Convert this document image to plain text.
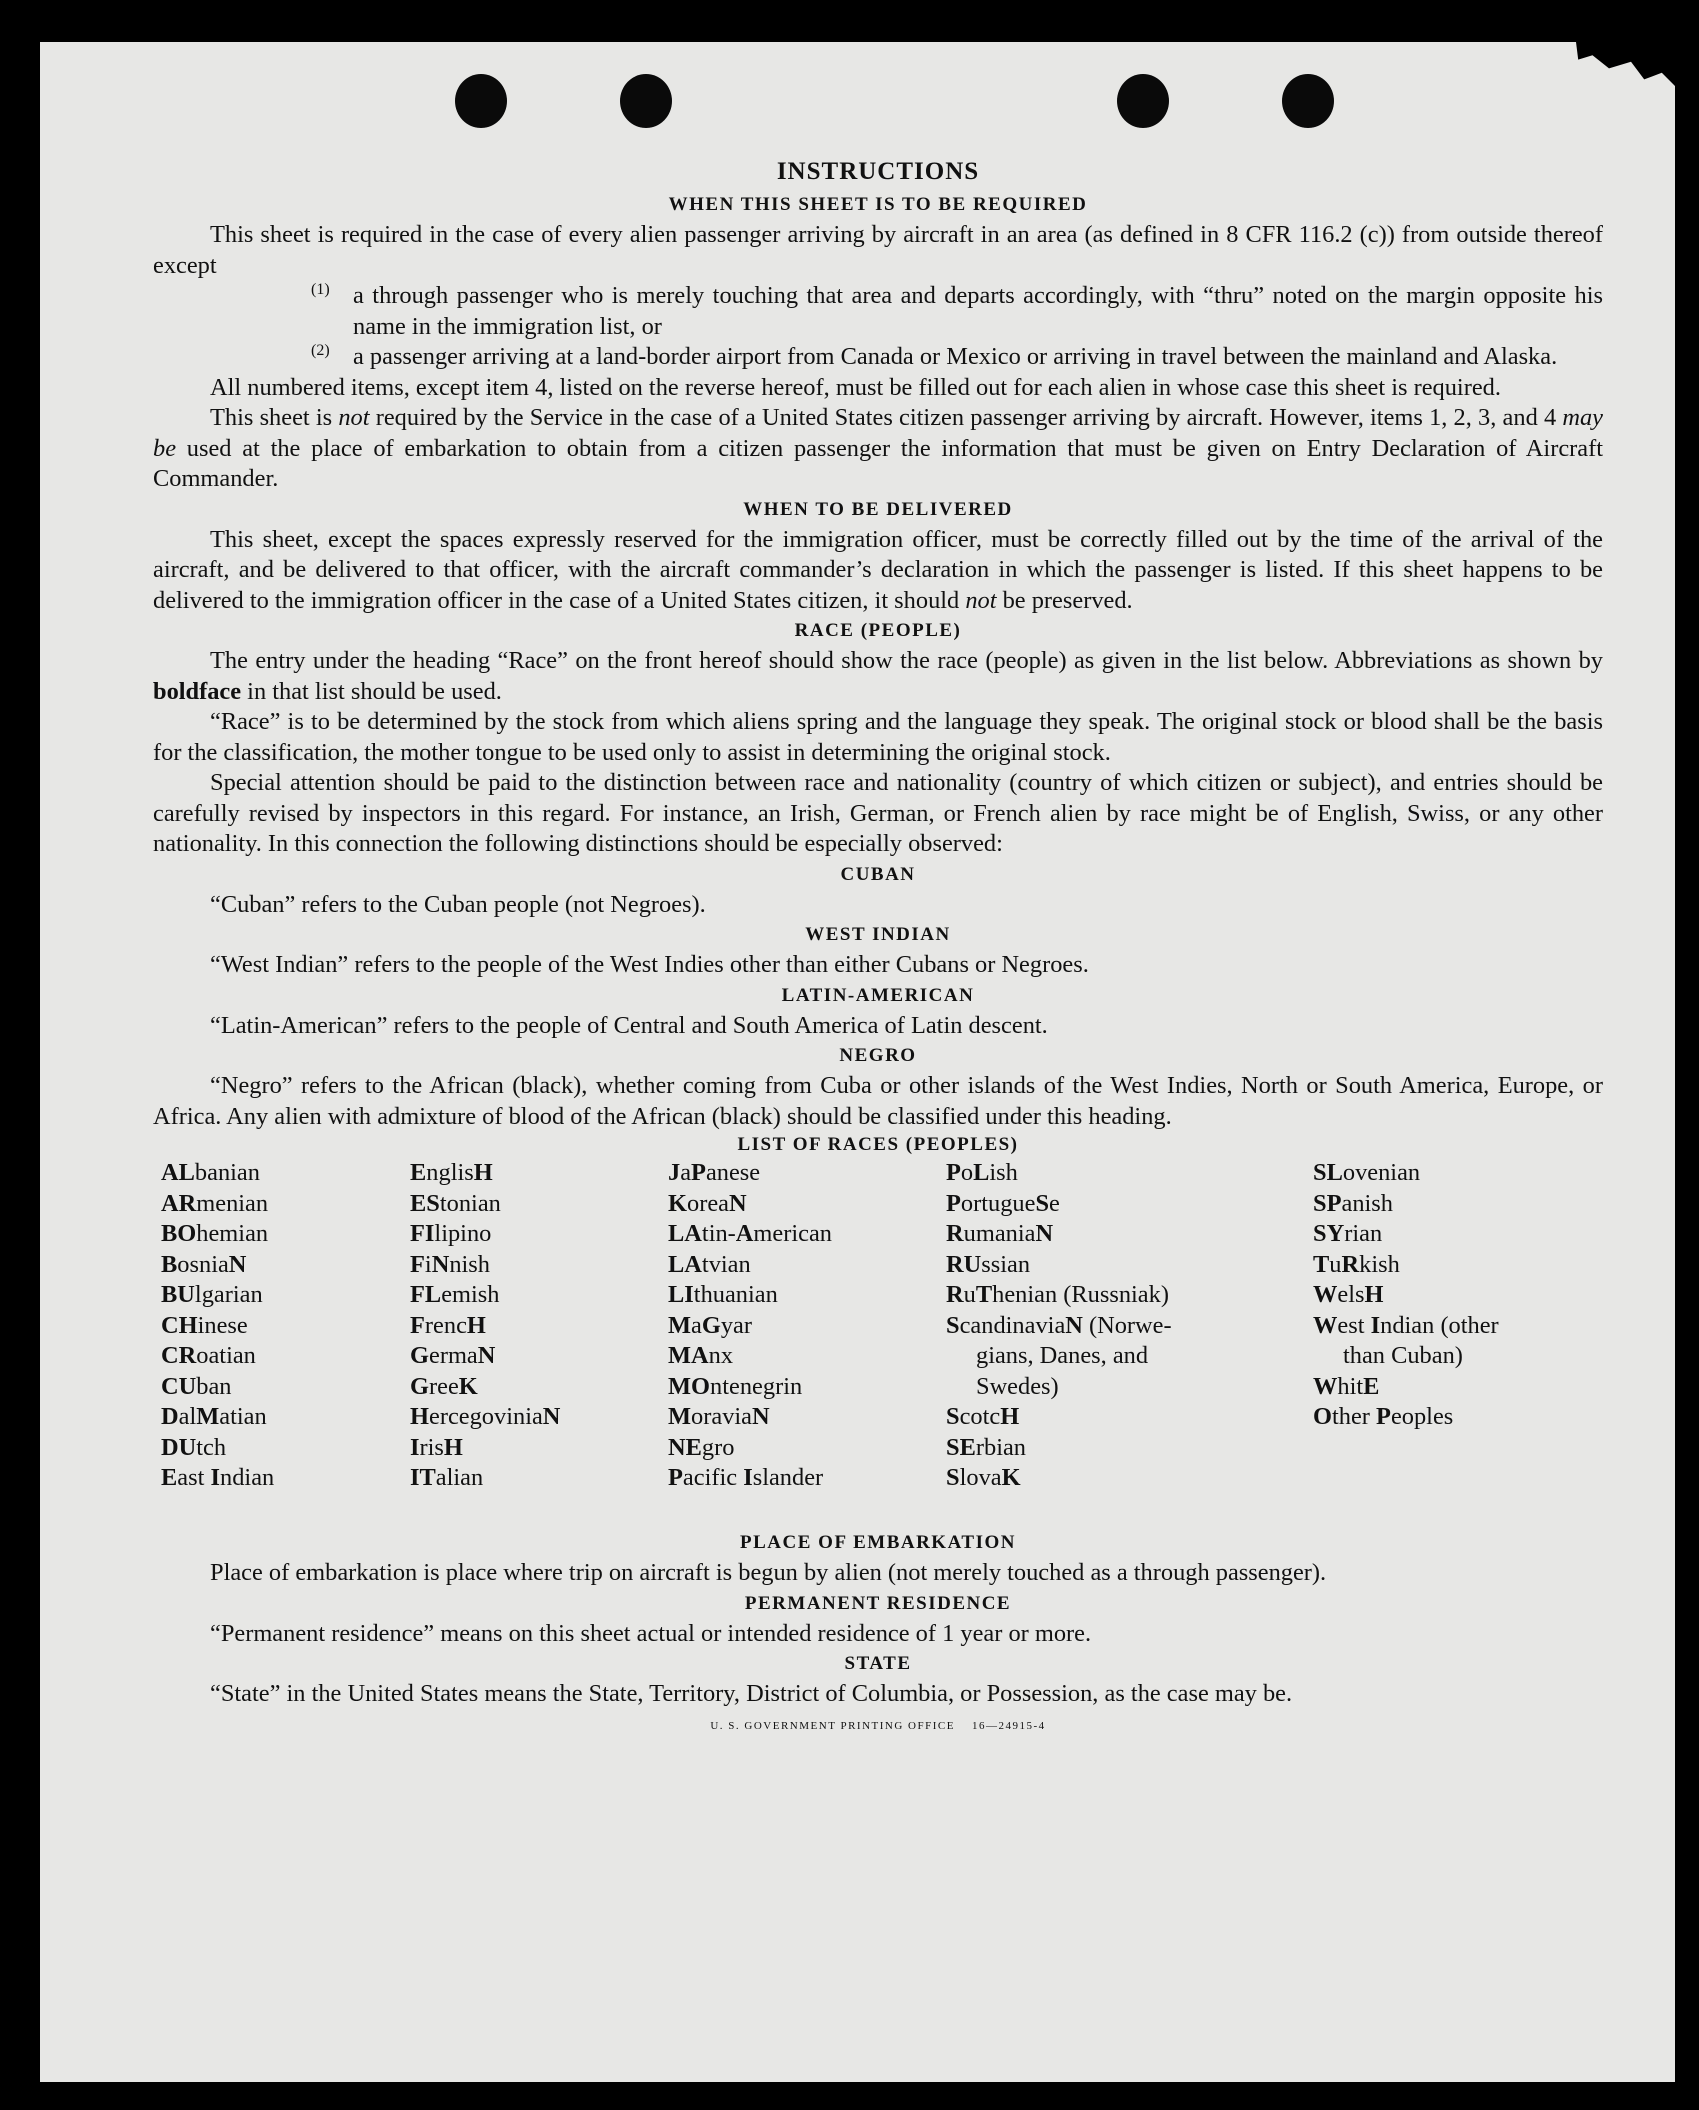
INSTRUCTIONS
WHEN THIS SHEET IS TO BE REQUIRED

This sheet is required in the case of every alien passenger arriving by aircraft in an area (as defined in 8 CFR 116.2 (c)) from outside thereof except

(1) a through passenger who is merely touching that area and departs accordingly, with “thru” noted on the margin opposite his name in the immigration list, or

(2) a passenger arriving at a land-border airport from Canada or Mexico or arriving in travel between the mainland and Alaska.

All numbered items, except item 4, listed on the reverse hereof, must be filled out for each alien in whose case this sheet is required.

This sheet is not required by the Service in the case of a United States citizen passenger arriving by aircraft. However, items 1, 2, 3, and 4 may be used at the place of embarkation to obtain from a citizen passenger the information that must be given on Entry Declaration of Aircraft Commander.

WHEN TO BE DELIVERED

This sheet, except the spaces expressly reserved for the immigration officer, must be correctly filled out by the time of the arrival of the aircraft, and be delivered to that officer, with the aircraft commander’s declaration in which the passenger is listed. If this sheet happens to be delivered to the immigration officer in the case of a United States citizen, it should not be preserved.

RACE (PEOPLE)

The entry under the heading “Race” on the front hereof should show the race (people) as given in the list below. Abbreviations as shown by boldface in that list should be used.

“Race” is to be determined by the stock from which aliens spring and the language they speak. The original stock or blood shall be the basis for the classification, the mother tongue to be used only to assist in determining the original stock.

Special attention should be paid to the distinction between race and nationality (country of which citizen or subject), and entries should be carefully revised by inspectors in this regard. For instance, an Irish, German, or French alien by race might be of English, Swiss, or any other nationality. In this connection the following distinctions should be especially observed:

CUBAN

“Cuban” refers to the Cuban people (not Negroes).

WEST INDIAN

“West Indian” refers to the people of the West Indies other than either Cubans or Negroes.

LATIN-AMERICAN

“Latin-American” refers to the people of Central and South America of Latin descent.

NEGRO

“Negro” refers to the African (black), whether coming from Cuba or other islands of the West Indies, North or South America, Europe, or Africa. Any alien with admixture of blood of the African (black) should be classified under this heading.

LIST OF RACES (PEOPLES)
ALbanian
ARmenian
BOhemian
BosniaN
BUlgarian
CHinese
CRoatian
CUban
DalMatian
DUtch
East Indian
EnglisH
EStonian
FIlipino
FiNnish
FLemish
FrencH
GermaN
GreeK
HercegoviniaN
IrisH
ITalian
JaPanese
KoreaN
LAtin-American
LAtvian
LIthuanian
MaGyar
MAnx
MOntenegrin
MoraviaN
NEgro
Pacific Islander
PoLish
PortugueSe
RumaniaN
RUssian
RuThenian (Russniak)
ScandinaviaN (Norwe-
gians, Danes, and
Swedes)
ScotcH
SErbian
SlovaK
SLovenian
SPanish
SYrian
TuRkish
WelsH
West Indian (other
than Cuban)
WhitE
Other Peoples
PLACE OF EMBARKATION

Place of embarkation is place where trip on aircraft is begun by alien (not merely touched as a through passenger).

PERMANENT RESIDENCE

“Permanent residence” means on this sheet actual or intended residence of 1 year or more.

STATE

“State” in the United States means the State, Territory, District of Columbia, or Possession, as the case may be.

U. S. GOVERNMENT PRINTING OFFICE    16—24915-4
